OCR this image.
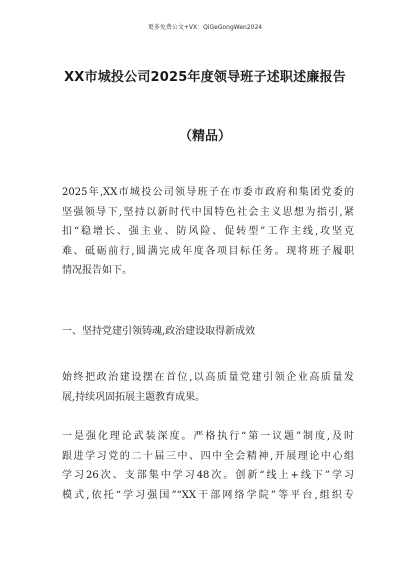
更多免费公文+VX：QiGeGongWen2024
XX市城投公司2025年度领导班子述职述廉报告
（精品）
2025年,XX市城投公司领导班子在市委市政府和集团党委的
坚强领导下,坚持以新时代中国特色社会主义思想为指引,紧
扣“稳增长、强主业、防风险、促转型”工作主线,攻坚克
难、砥砺前行,圆满完成年度各项目标任务。现将班子履职
情况报告如下。
一、坚持党建引领铸魂,政治建设取得新成效
始终把政治建设摆在首位,以高质量党建引领企业高质量发
展,持续巩固拓展主题教育成果。
一是强化理论武装深度。严格执行“第一议题”制度,及时
跟进学习党的二十届三中、四中全会精神,开展理论中心组
学习26次、支部集中学习48次。创新“线上+线下”学习
模式,依托“学习强国”“XX干部网络学院”等平台,组织专
